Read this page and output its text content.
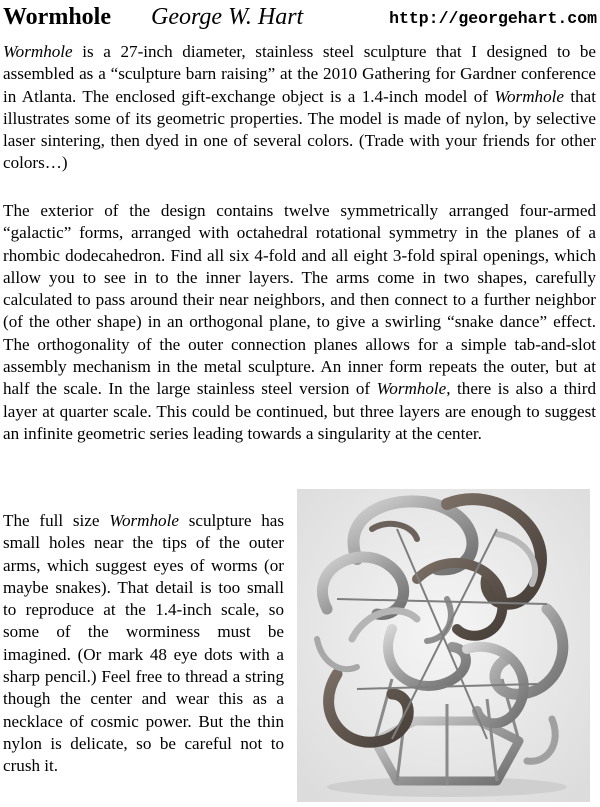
Wormhole George W. Hart	http://georgehart.com

Wormhole is a 27-inch diameter, stainless steel sculpture that I designed to be assembled as a “sculpture barn raising” at the 2010 Gathering for Gardner conference in Atlanta. The enclosed gift-exchange object is a 1.4-inch model of Wormhole that illustrates some of its geometric properties. The model is made of nylon, by selective laser sintering, then dyed in one of several colors. (Trade with your friends for other colors…)

The exterior of the design contains twelve symmetrically arranged four-armed “galactic” forms, arranged with octahedral rotational symmetry in the planes of a rhombic dodecahedron. Find all six 4-fold and all eight 3-fold spiral openings, which allow you to see in to the inner layers. The arms come in two shapes, carefully calculated to pass around their near neighbors, and then connect to a further neighbor (of the other shape) in an orthogonal plane, to give a swirling “snake dance” effect. The orthogonality of the outer connection planes allows for a simple tab-and-slot assembly mechanism in the metal sculpture. An inner form repeats the outer, but at half the scale. In the large stainless steel version of Wormhole, there is also a third layer at quarter scale. This could be continued, but three layers are enough to suggest an infinite geometric series leading towards a singularity at the center.

The full size Wormhole sculpture has small holes near the tips of the outer arms, which suggest eyes of worms (or maybe snakes). That detail is too small to reproduce at the 1.4-inch scale, so some of the worminess must be imagined. (Or mark 48 eye dots with a sharp pencil.) Feel free to thread a string though the center and wear this as a necklace of cosmic power. But the thin nylon is delicate, so be careful not to crush it.
